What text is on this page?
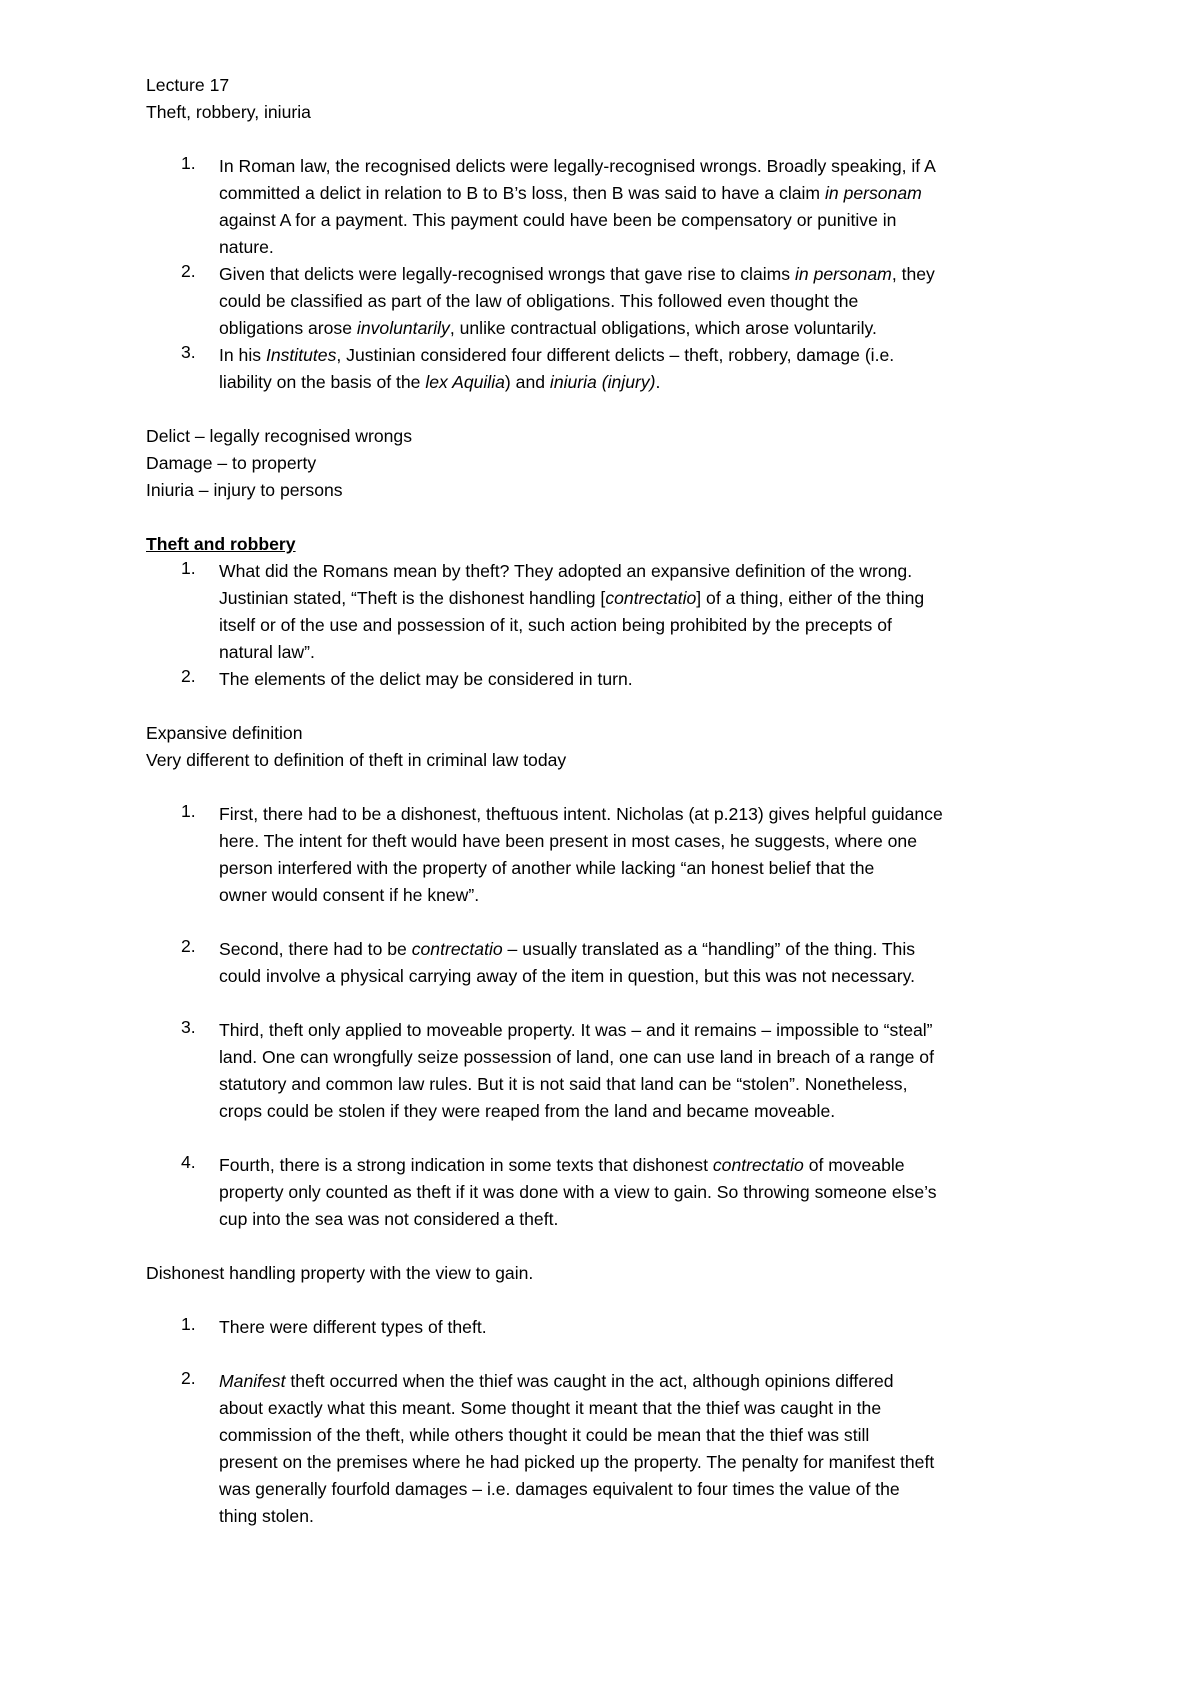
Lecture 17

Theft, robbery, iniuria

1. In Roman law, the recognised delicts were legally-recognised wrongs. Broadly speaking, if A

committed a delict in relation to B to B’s loss, then B was said to have a claim in personam

against A for a payment. This payment could have been be compensatory or punitive in

nature.

2. Given that delicts were legally-recognised wrongs that gave rise to claims in personam, they

could be classified as part of the law of obligations. This followed even thought the

obligations arose involuntarily, unlike contractual obligations, which arose voluntarily.

3. In his Institutes, Justinian considered four different delicts – theft, robbery, damage (i.e.

liability on the basis of the lex Aquilia) and iniuria (injury).

Delict – legally recognised wrongs

Damage – to property

Iniuria – injury to persons

Theft and robbery

1. What did the Romans mean by theft? They adopted an expansive definition of the wrong.

Justinian stated, “Theft is the dishonest handling [contrectatio] of a thing, either of the thing

itself or of the use and possession of it, such action being prohibited by the precepts of

natural law”.

2. The elements of the delict may be considered in turn.

Expansive definition

Very different to definition of theft in criminal law today

1. First, there had to be a dishonest, theftuous intent. Nicholas (at p.213) gives helpful guidance

here. The intent for theft would have been present in most cases, he suggests, where one

person interfered with the property of another while lacking “an honest belief that the

owner would consent if he knew”.

2. Second, there had to be contrectatio – usually translated as a “handling” of the thing. This

could involve a physical carrying away of the item in question, but this was not necessary.

3. Third, theft only applied to moveable property. It was – and it remains – impossible to “steal”

land. One can wrongfully seize possession of land, one can use land in breach of a range of

statutory and common law rules. But it is not said that land can be “stolen”. Nonetheless,

crops could be stolen if they were reaped from the land and became moveable.

4. Fourth, there is a strong indication in some texts that dishonest contrectatio of moveable

property only counted as theft if it was done with a view to gain. So throwing someone else’s

cup into the sea was not considered a theft.

Dishonest handling property with the view to gain.

1. There were different types of theft.

2. Manifest theft occurred when the thief was caught in the act, although opinions differed

about exactly what this meant. Some thought it meant that the thief was caught in the

commission of the theft, while others thought it could be mean that the thief was still

present on the premises where he had picked up the property. The penalty for manifest theft

was generally fourfold damages – i.e. damages equivalent to four times the value of the

thing stolen.
